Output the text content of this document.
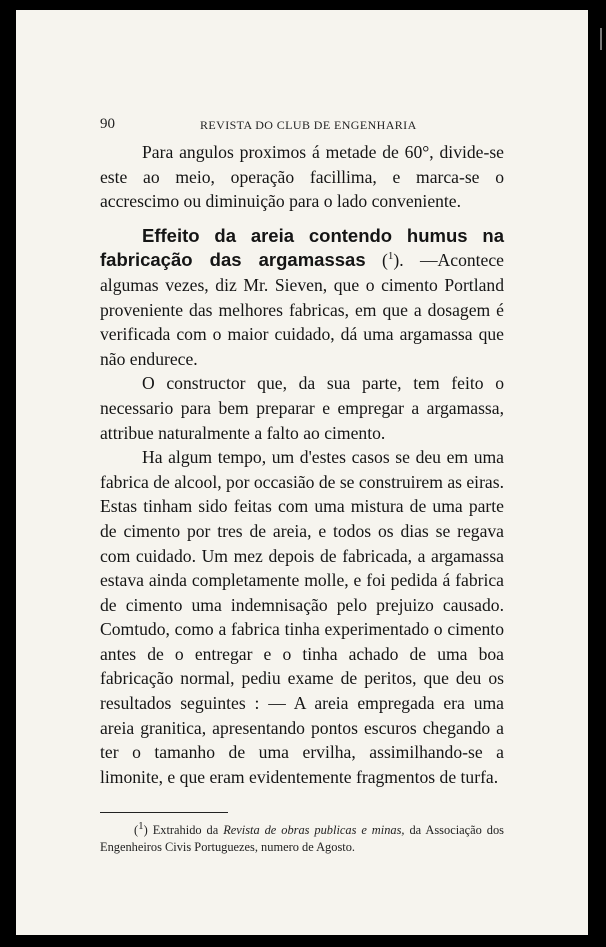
90	REVISTA DO CLUB DE ENGENHARIA

Para angulos proximos á metade de 60°, divide-se este ao meio, operação facillima, e marca-se o accrescimo ou diminuição para o lado conveniente.

Effeito da areia contendo humus na fabricação das argamassas ($^1$). —Acontece algumas vezes, diz Mr. Sieven, que o cimento Portland proveniente das melhores fabricas, em que a dosagem é verificada com o maior cuidado, dá uma argamassa que não endurece.

O constructor que, da sua parte, tem feito o necessario para bem preparar e empregar a argamassa, attribue naturalmente a falto ao cimento.

Ha algum tempo, um d'estes casos se deu em uma fabrica de alcool, por occasião de se construirem as eiras. Estas tinham sido feitas com uma mistura de uma parte de cimento por tres de areia, e todos os dias se regava com cuidado. Um mez depois de fabricada, a argamassa estava ainda completamente molle, e foi pedida á fabrica de cimento uma indemnisação pelo prejuizo causado. Comtudo, como a fabrica tinha experimentado o cimento antes de o entregar e o tinha achado de uma boa fabricação normal, pediu exame de peritos, que deu os resultados seguintes : — A areia empregada era uma areia granitica, apresentando pontos escuros chegando a ter o tamanho de uma ervilha, assimilhando-se a limonite, e que eram evidentemente fragmentos de turfa.

($^1$) Extrahido da Revista de obras publicas e minas, da Associação dos Engenheiros Civis Portuguezes, numero de Agosto.
